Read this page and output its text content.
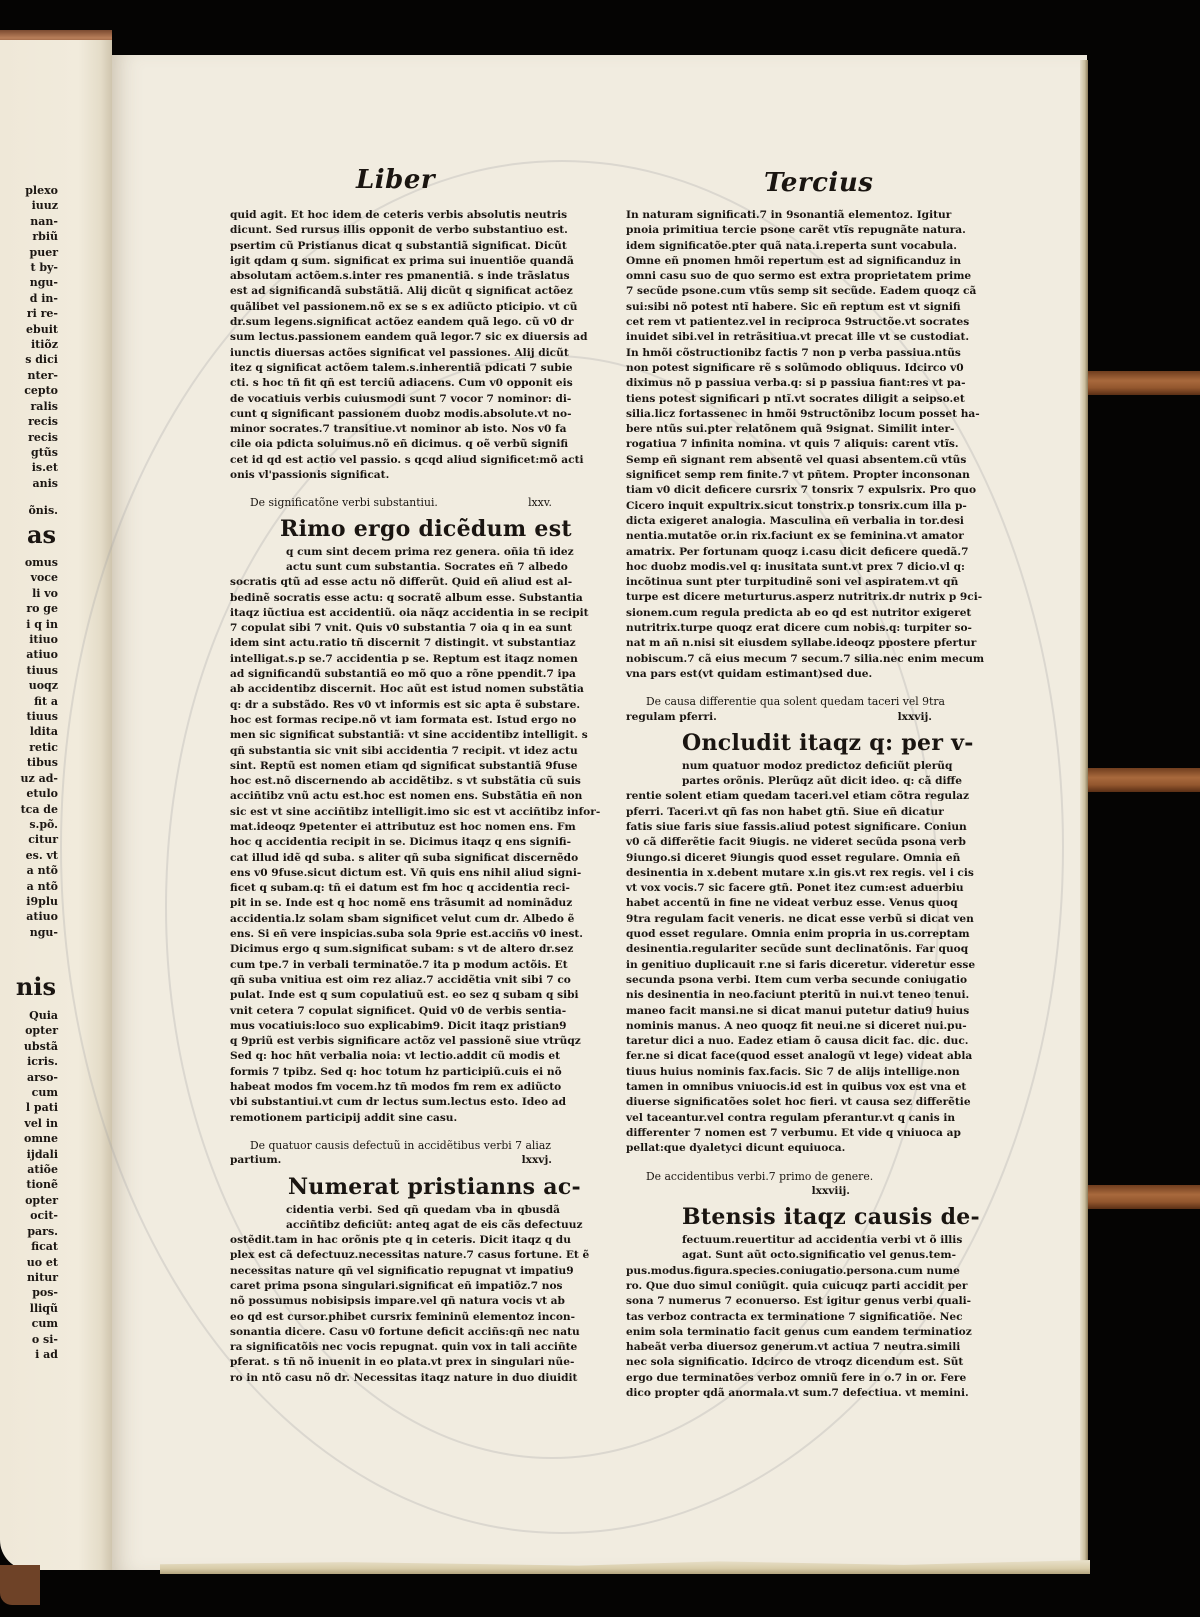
plexo
iuuz
nan-
rbiũ
puer
t by-
ngu-
d in-
ri re-
ebuit
itiõz
s dici
nter-
cepto
ralis
recis
recis
gtũs
is.et
anis
õnis.
as
omus
voce
li vo
ro ge
i q in
itiuo
atiuo
tiuus
uoqz
fit a
tiuus
ldita
retic
tibus
uz ad-
etulo
tca de
s.põ.
citur
es. vt
a ntõ
a ntõ
i9plu
atiuo
ngu-
nis
Quia
opter
ubstã
icris.
arso-
cum
l pati
vel in
omne
ijdali
atiõe
tionẽ
opter
ocit-
pars.
ficat
uo et
nitur
pos-
lliqũ
cum
o si-
i ad
Liber	Tercius
quid agit. Et hoc idem de ceteris verbis absolutis neutris
dicunt. Sed rursus illis opponit de verbo substantiuo est.
psertim cũ Pristianus dicat q substantiã significat. Dicũt
igit qdam q sum. significat ex prima sui inuentiõe quandã
absolutam actõem.s.inter res pmanentiã. s inde trãslatus
est ad significandã substãtiã. Alij dicũt q significat actõez
quãlibet vel passionem.nõ ex se s ex adiũcto pticipio. vt cũ
dr.sum legens.significat actõez eandem quã lego. cũ v0 dr
sum lectus.passionem eandem quã legor.7 sic ex diuersis ad
iunctis diuersas actões significat vel passiones. Alij dicũt
itez q significat actõem talem.s.inherentiã pdicati 7 subie
cti. s hoc tñ fit qñ est terciũ adiacens. Cum v0 opponit eis
de vocatiuis verbis cuiusmodi sunt 7 vocor 7 nominor: di-
cunt q significant passionem duobz modis.absolute.vt no-
minor socrates.7 transitiue.vt nominor ab isto. Nos v0 fa
cile oia pdicta soluimus.nõ eñ dicimus. q oẽ verbũ signifi
cet id qd est actio vel passio. s qcqd aliud significet:mõ acti
onis vl'passionis significat.
De significatõne verbi substantiui.	lxxv.
Rimo ergo dicẽdum est
q cum sint decem prima rez genera. oñia tñ idez
actu sunt cum substantia. Socrates eñ 7 albedo
socratis qtũ ad esse actu nõ differũt. Quid eñ aliud est al-
bedinẽ socratis esse actu: q socratẽ album esse. Substantia
itaqz iũctiua est accidentiũ. oia nãqz accidentia in se recipit
7 copulat sibi 7 vnit. Quis v0 substantia 7 oia q in ea sunt
idem sint actu.ratio tñ discernit 7 distingit. vt substantiaz
intelligat.s.p se.7 accidentia p se. Reptum est itaqz nomen
ad significandũ substantiã eo mõ quo a rõne ppendit.7 ipa
ab accidentibz discernit. Hoc aũt est istud nomen substãtia
q: dr a substãdo. Res v0 vt informis est sic apta ẽ substare.
hoc est formas recipe.nõ vt iam formata est. Istud ergo no
men sic significat substantiã: vt sine accidentibz intelligit. s
qñ substantia sic vnit sibi accidentia 7 recipit. vt idez actu
sint. Reptũ est nomen etiam qd significat substantiã 9fuse
hoc est.nõ discernendo ab accidẽtibz. s vt substãtia cũ suis
acciñtibz vnũ actu est.hoc est nomen ens. Substãtia eñ non
sic est vt sine acciñtibz intelligit.imo sic est vt acciñtibz infor-
mat.ideoqz 9petenter ei attributuz est hoc nomen ens. Fm
hoc q accidentia recipit in se. Dicimus itaqz q ens signifi-
cat illud idẽ qd suba. s aliter qñ suba significat discernẽdo
ens v0 9fuse.sicut dictum est. Vñ quis ens nihil aliud signi-
ficet q subam.q: tñ ei datum est fm hoc q accidentia reci-
pit in se. Inde est q hoc nomẽ ens trãsumit ad nominãduz
accidentia.lz solam sbam significet velut cum dr. Albedo ẽ
ens. Si eñ vere inspicias.suba sola 9prie est.acciñs v0 inest.
Dicimus ergo q sum.significat subam: s vt de altero dr.sez
cum tpe.7 in verbali terminatõe.7 ita p modum actõis. Et
qñ suba vnitiua est oim rez aliaz.7 accidẽtia vnit sibi 7 co
pulat. Inde est q sum copulatiuũ est. eo sez q subam q sibi
vnit cetera 7 copulat significet. Quid v0 de verbis sentia-
mus vocatiuis:loco suo explicabim9. Dicit itaqz pristian9
q 9priũ est verbis significare actõz vel passionẽ siue vtrũqz
Sed q: hoc hñt verbalia noia: vt lectio.addit cũ modis et
formis 7 tpibz. Sed q: hoc totum hz participiũ.cuis ei nõ
habeat modos fm vocem.hz tñ modos fm rem ex adiũcto
vbi substantiui.vt cum dr lectus sum.lectus esto. Ideo ad
remotionem participij addit sine casu.
De quatuor causis defectuũ in accidẽtibus verbi 7 aliaz
partium.	lxxvj.
Numerat pristianns ac-
cidentia verbi. Sed qñ quedam vba in qbusdã
acciñtibz deficiũt: anteq agat de eis cãs defectuuz
ostẽdit.tam in hac orõnis pte q in ceteris. Dicit itaqz q du
plex est cã defectuuz.necessitas nature.7 casus fortune. Et ẽ
necessitas nature qñ vel significatio repugnat vt impatiu9
caret prima psona singulari.significat eñ impatiõz.7 nos
nõ possumus nobisipsis impare.vel qñ natura vocis vt ab
eo qd est cursor.phibet cursrix femininũ elementoz incon-
sonantia dicere. Casu v0 fortune deficit acciñs:qñ nec natu
ra significatõis nec vocis repugnat. quin vox in tali acciñte
pferat. s tñ nõ inuenit in eo plata.vt prex in singulari nũe-
ro in ntõ casu nõ dr. Necessitas itaqz nature in duo diuidit
In naturam significati.7 in 9sonantiã elementoz. Igitur
pnoia primitiua tercie psone carẽt vtĩs repugnãte natura.
idem significatõe.pter quã nata.i.reperta sunt vocabula.
Omne eñ pnomen hmõi repertum est ad significanduz in
omni casu suo de quo sermo est extra proprietatem prime
7 secũde psone.cum vtũs semp sit secũde. Eadem quoqz cã
sui:sibi nõ potest ntĩ habere. Sic eñ reptum est vt signifi
cet rem vt patientez.vel in reciproca 9structõe.vt socrates
inuidet sibi.vel in retrãsitiua.vt precat ille vt se custodiat.
In hmõi cõstructionibz factis 7 non p verba passiua.ntũs
non potest significare rẽ s solũmodo obliquus. Idcirco v0
diximus nõ p passiua verba.q: si p passiua fiant:res vt pa-
tiens potest significari p ntĩ.vt socrates diligit a seipso.et
silia.licz fortassenec in hmõi 9structõnibz locum posset ha-
bere ntũs sui.pter relatõnem quã 9signat. Similit inter-
rogatiua 7 infinita nomina. vt quis 7 aliquis: carent vtĩs.
Semp eñ signant rem absentẽ vel quasi absentem.cũ vtũs
significet semp rem finite.7 vt pñtem. Propter inconsonan
tiam v0 dicit deficere cursrix 7 tonsrix 7 expulsrix. Pro quo
Cicero inquit expultrix.sicut tonstrix.p tonsrix.cum illa p-
dicta exigeret analogia. Masculina eñ verbalia in tor.desi
nentia.mutatõe or.in rix.faciunt ex se feminina.vt amator
amatrix. Per fortunam quoqz i.casu dicit deficere quedã.7
hoc duobz modis.vel q: inusitata sunt.vt prex 7 dicio.vl q:
incõtinua sunt pter turpitudinẽ soni vel aspiratem.vt qñ
turpe est dicere meturturus.asperz nutritrix.dr nutrix p 9ci-
sionem.cum regula predicta ab eo qd est nutritor exigeret
nutritrix.turpe quoqz erat dicere cum nobis.q: turpiter so-
nat m añ n.nisi sit eiusdem syllabe.ideoqz ppostere pfertur
nobiscum.7 cã eius mecum 7 secum.7 silia.nec enim mecum
vna pars est(vt quidam estimant)sed due.
De causa differentie qua solent quedam taceri vel 9tra
regulam pferri.	lxxvij.
Oncludit itaqz q: per v-
num quatuor modoz predictoz deficiũt plerũq
partes orõnis. Plerũqz aũt dicit ideo. q: cã diffe
rentie solent etiam quedam taceri.vel etiam cõtra regulaz
pferri. Taceri.vt qñ fas non habet gtñ. Siue eñ dicatur
fatis siue faris siue fassis.aliud potest significare. Coniun
v0 cã differẽtie facit 9iugis. ne videret secũda psona verb
9iungo.si diceret 9iungis quod esset regulare. Omnia eñ
desinentia in x.debent mutare x.in gis.vt rex regis. vel i cis
vt vox vocis.7 sic facere gtñ. Ponet itez cum:est aduerbiu
habet accentũ in fine ne videat verbuz esse. Venus quoq
9tra regulam facit veneris. ne dicat esse verbũ si dicat ven
quod esset regulare. Omnia enim propria in us.correptam
desinentia.regulariter secũde sunt declinatõnis. Far quoq
in genitiuo duplicauit r.ne si faris diceretur. videretur esse
secunda psona verbi. Item cum verba secunde coniugatio
nis desinentia in neo.faciunt pteritũ in nui.vt teneo tenui.
maneo facit mansi.ne si dicat manui putetur datiu9 huius
nominis manus. A neo quoqz fit neui.ne si diceret nui.pu-
taretur dici a nuo. Eadez etiam õ causa dicit fac. dic. duc.
fer.ne si dicat face(quod esset analogũ vt lege) videat abla
tiuus huius nominis fax.facis. Sic 7 de alijs intellige.non
tamen in omnibus vniuocis.id est in quibus vox est vna et
diuerse significatões solet hoc fieri. vt causa sez differẽtie
vel taceantur.vel contra regulam pferantur.vt q canis in
differenter 7 nomen est 7 verbumu. Et vide q vniuoca ap
pellat:que dyaletyci dicunt equiuoca.
De accidentibus verbi.7 primo de genere.
lxxviij.
Btensis itaqz causis de-
fectuum.reuertitur ad accidentia verbi vt õ illis
agat. Sunt aũt octo.significatio vel genus.tem-
pus.modus.figura.species.coniugatio.persona.cum nume
ro. Que duo simul coniũgit. quia cuicuqz parti accidit per
sona 7 numerus 7 econuerso. Est igitur genus verbi quali-
tas verboz contracta ex terminatione 7 significatiõe. Nec
enim sola terminatio facit genus cum eandem terminatioz
habeãt verba diuersoz generum.vt actiua 7 neutra.simili
nec sola significatio. Idcirco de vtroqz dicendum est. Sũt
ergo due terminatões verboz omniũ fere in o.7 in or. Fere
dico propter qdã anormala.vt sum.7 defectiua. vt memini.
